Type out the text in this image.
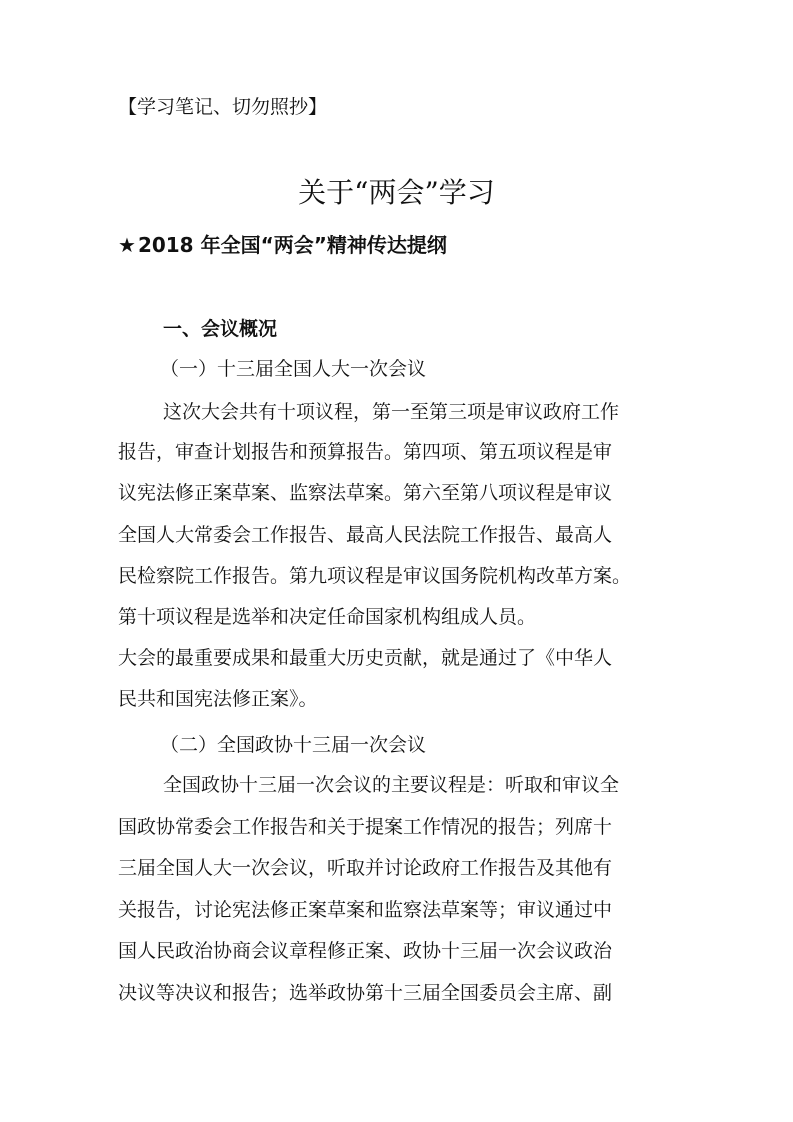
【学习笔记、切勿照抄】
关于“两会”学习
★ 2018 年全国“两会”精神传达提纲
一、会议概况
（一）十三届全国人大一次会议
这次大会共有十项议程，第一至第三项是审议政府工作
报告，审查计划报告和预算报告。第四项、第五项议程是审
议宪法修正案草案、监察法草案。第六至第八项议程是审议
全国人大常委会工作报告、最高人民法院工作报告、最高人
民检察院工作报告。第九项议程是审议国务院机构改革方案。
第十项议程是选举和决定任命国家机构组成人员。
大会的最重要成果和最重大历史贡献，就是通过了《中华人
民共和国宪法修正案》。
（二）全国政协十三届一次会议
全国政协十三届一次会议的主要议程是：听取和审议全
国政协常委会工作报告和关于提案工作情况的报告；列席十
三届全国人大一次会议，听取并讨论政府工作报告及其他有
关报告，讨论宪法修正案草案和监察法草案等；审议通过中
国人民政治协商会议章程修正案、政协十三届一次会议政治
决议等决议和报告；选举政协第十三届全国委员会主席、副
